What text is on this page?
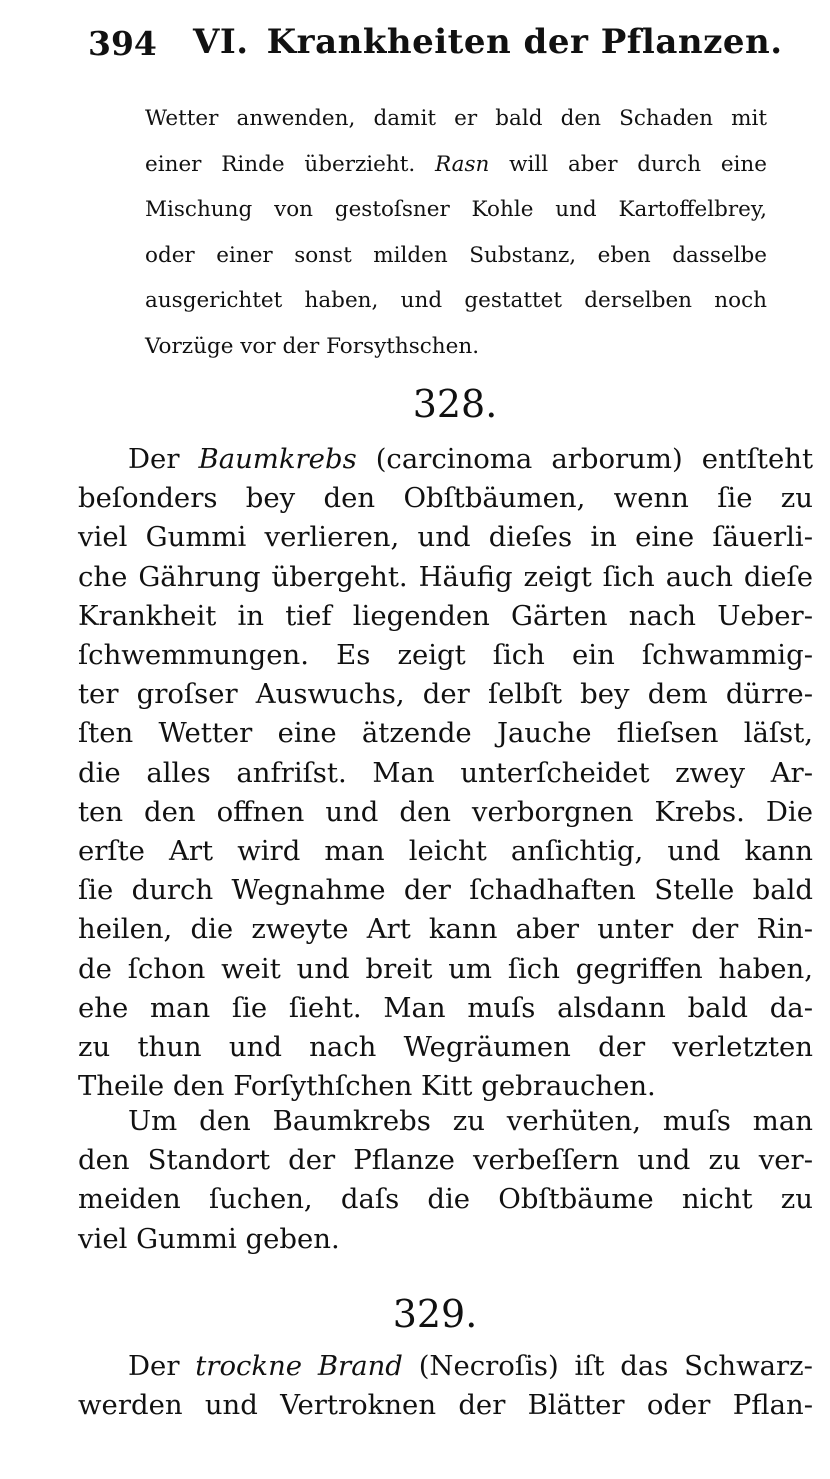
394 VI. Krankheiten der Pflanzen.

Wetter anwenden, damit er bald den Schaden mit
einer Rinde überzieht. Rasn will aber durch eine
Mischung von gestoſsner Kohle und Kartoffelbrey,
oder einer sonst milden Substanz, eben dasselbe
ausgerichtet haben, und gestattet derselben noch
Vorzüge vor der Forsythschen.

328.

Der Baumkrebs (carcinoma arborum) entſteht
beſonders bey den Obſtbäumen, wenn ſie zu
viel Gummi verlieren, und dieſes in eine ſäuerli-
che Gährung übergeht. Häufig zeigt ſich auch dieſe
Krankheit in tief liegenden Gärten nach Ueber-
ſchwemmungen. Es zeigt ſich ein ſchwammig-
ter groſser Auswuchs, der ſelbſt bey dem dürre-
ſten Wetter eine ätzende Jauche flieſsen läſst,
die alles anfriſst. Man unterſcheidet zwey Ar-
ten den offnen und den verborgnen Krebs. Die
erſte Art wird man leicht anſichtig, und kann
ſie durch Wegnahme der ſchadhaften Stelle bald
heilen, die zweyte Art kann aber unter der Rin-
de ſchon weit und breit um ſich gegriffen haben,
ehe man ſie ſieht. Man muſs alsdann bald da-
zu thun und nach Wegräumen der verletzten
Theile den Forſythſchen Kitt gebrauchen.

Um den Baumkrebs zu verhüten, muſs man
den Standort der Pflanze verbeſſern und zu ver-
meiden ſuchen, daſs die Obſtbäume nicht zu
viel Gummi geben.

329.

Der trockne Brand (Necroſis) iſt das Schwarz-
werden und Vertroknen der Blätter oder Pflan-
